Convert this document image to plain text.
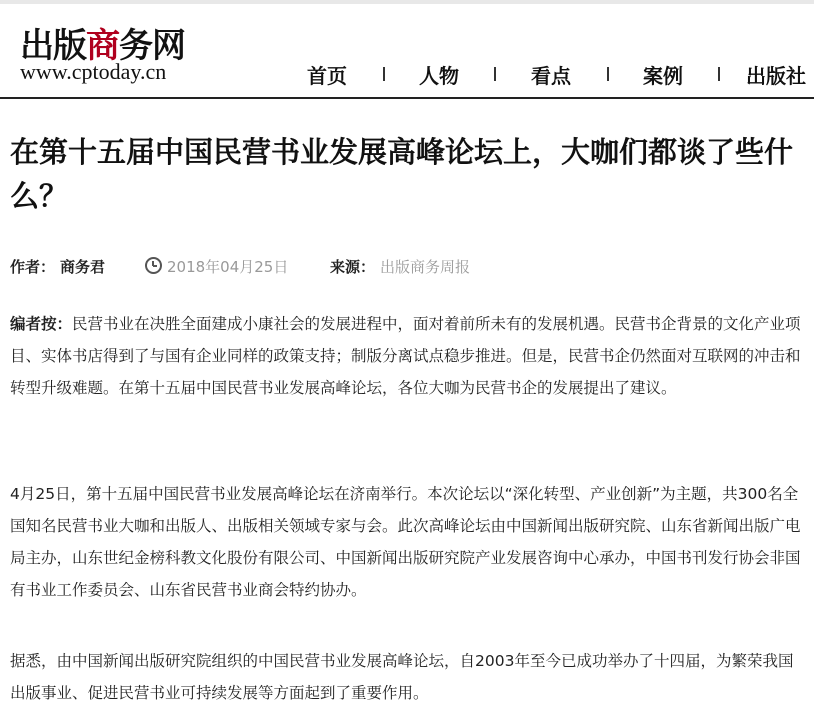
出版商务网
www.cptoday.cn	首页	人物	看点	案例	出版社
在第十五届中国民营书业发展高峰论坛上，大咖们都谈了些什么？
作者： 商务君	2018年04月25日	来源： 出版商务周报

编者按：民营书业在决胜全面建成小康社会的发展进程中，面对着前所未有的发展机遇。民营书企背景的文化产业项目、实体书店得到了与国有企业同样的政策支持；制版分离试点稳步推进。但是，民营书企仍然面对互联网的冲击和转型升级难题。在第十五届中国民营书业发展高峰论坛，各位大咖为民营书企的发展提出了建议。

4月25日，第十五届中国民营书业发展高峰论坛在济南举行。本次论坛以“深化转型、产业创新”为主题，共300名全国知名民营书业大咖和出版人、出版相关领域专家与会。此次高峰论坛由中国新闻出版研究院、山东省新闻出版广电局主办，山东世纪金榜科教文化股份有限公司、中国新闻出版研究院产业发展咨询中心承办，中国书刊发行协会非国有书业工作委员会、山东省民营书业商会特约协办。

据悉，由中国新闻出版研究院组织的中国民营书业发展高峰论坛，自2003年至今已成功举办了十四届，为繁荣我国出版事业、促进民营书业可持续发展等方面起到了重要作用。
